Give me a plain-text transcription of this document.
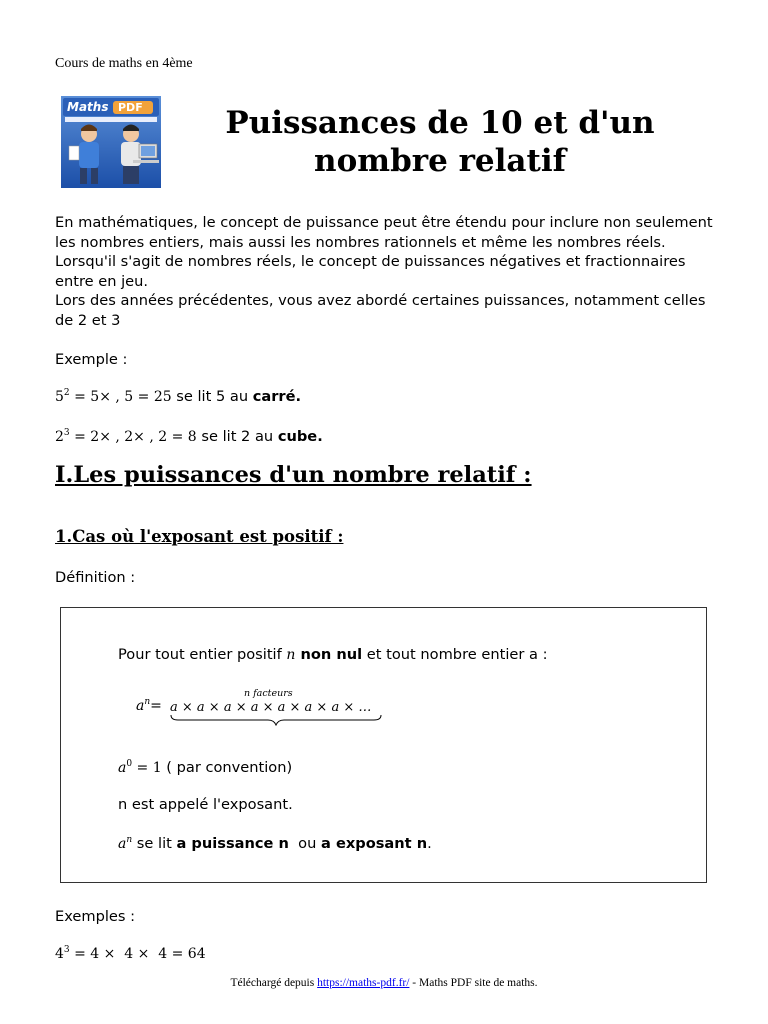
Cours de maths en 4ème
Maths PDF	Puissances de 10 et d'un nombre relatif

En mathématiques, le concept de puissance peut être étendu pour inclure non seulement les nombres entiers, mais aussi les nombres rationnels et même les nombres réels. Lorsqu'il s'agit de nombres réels, le concept de puissances négatives et fractionnaires entre en jeu.

Lors des années précédentes, vous avez abordé certaines puissances, notamment celles de 2 et 3

Exemple :

$5^2 = 5\times$ , 5 = 25 se lit 5 au carré.
$2^3 = 2\times$ , 2× , 2 = 8 se lit 2 au cube.
I.Les puissances d'un nombre relatif :
1.Cas où l'exposant est positif :
Définition :
Pour tout entier positif n non nul et tout nombre entier a :
$a^n=$
n facteurs
a × a × a × a × a × a × a × …
$a^0 = 1$ ( par convention)
n est appelé l'exposant.
$a^n$ se lit a puissance n  ou a exposant n.
Exemples :
$4^3 = 4 \times 4 \times 4 = 64$
Téléchargé depuis https://maths-pdf.fr/ - Maths PDF site de maths.
